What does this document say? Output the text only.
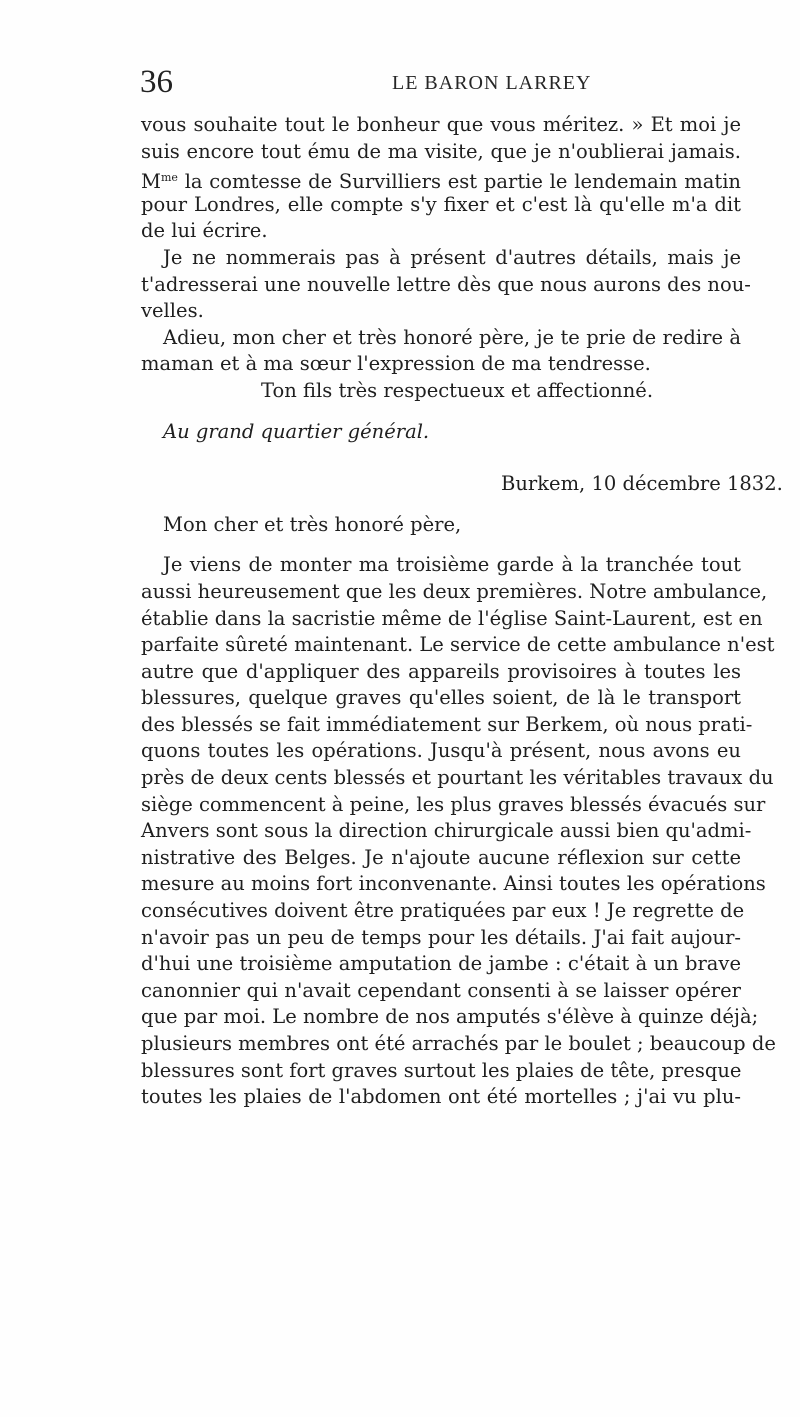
36	LE BARON LARREY
vous souhaite tout le bonheur que vous méritez. » Et moi je
suis encore tout ému de ma visite, que je n'oublierai jamais.
$M^{me}$ la comtesse de Survilliers est partie le lendemain matin
pour Londres, elle compte s'y fixer et c'est là qu'elle m'a dit
de lui écrire.
Je ne nommerais pas à présent d'autres détails, mais je
t'adresserai une nouvelle lettre dès que nous aurons des nou-
velles.
Adieu, mon cher et très honoré père, je te prie de redire à
maman et à ma sœur l'expression de ma tendresse.
Ton fils très respectueux et affectionné.
Au grand quartier général.
Burkem, 10 décembre 1832.
Mon cher et très honoré père,
Je viens de monter ma troisième garde à la tranchée tout
aussi heureusement que les deux premières. Notre ambulance,
établie dans la sacristie même de l'église Saint-Laurent, est en
parfaite sûreté maintenant. Le service de cette ambulance n'est
autre que d'appliquer des appareils provisoires à toutes les
blessures, quelque graves qu'elles soient, de là le transport
des blessés se fait immédiatement sur Berkem, où nous prati-
quons toutes les opérations. Jusqu'à présent, nous avons eu
près de deux cents blessés et pourtant les véritables travaux du
siège commencent à peine, les plus graves blessés évacués sur
Anvers sont sous la direction chirurgicale aussi bien qu'admi-
nistrative des Belges. Je n'ajoute aucune réflexion sur cette
mesure au moins fort inconvenante. Ainsi toutes les opérations
consécutives doivent être pratiquées par eux ! Je regrette de
n'avoir pas un peu de temps pour les détails. J'ai fait aujour-
d'hui une troisième amputation de jambe : c'était à un brave
canonnier qui n'avait cependant consenti à se laisser opérer
que par moi. Le nombre de nos amputés s'élève à quinze déjà;
plusieurs membres ont été arrachés par le boulet ; beaucoup de
blessures sont fort graves surtout les plaies de tête, presque
toutes les plaies de l'abdomen ont été mortelles ; j'ai vu plu-
